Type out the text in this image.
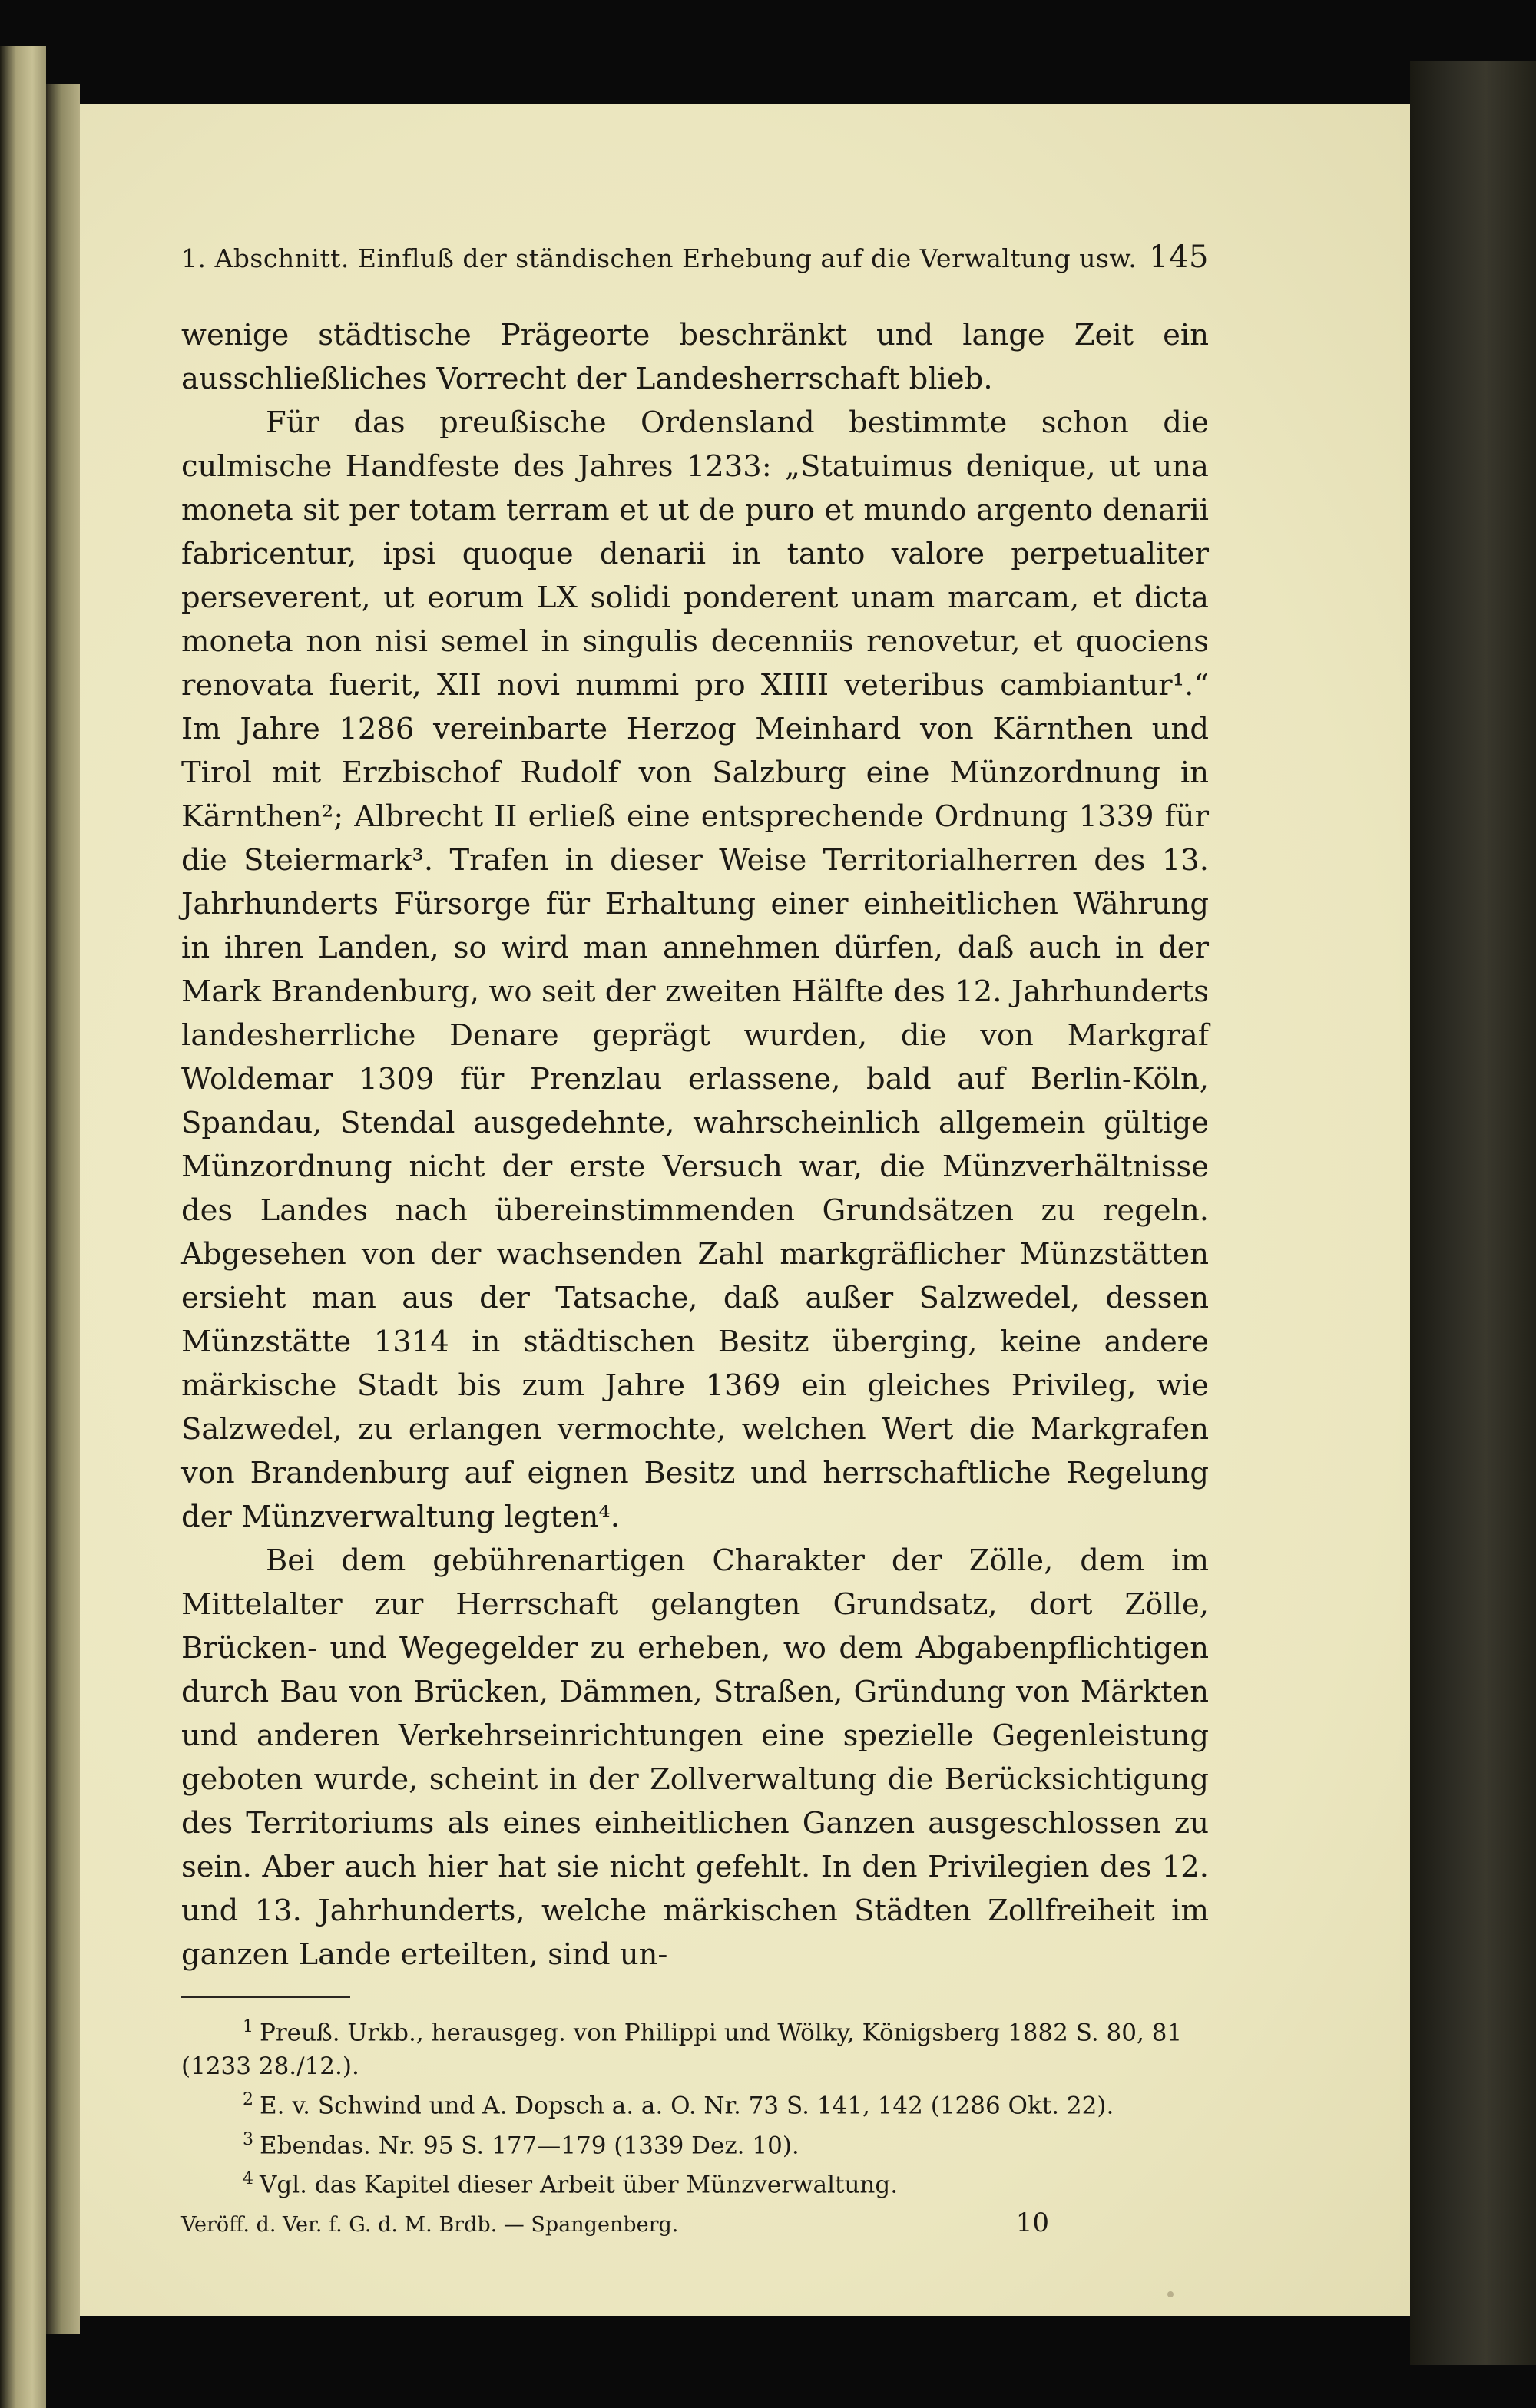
1. Abschnitt. Einfluß der ständischen Erhebung auf die Verwaltung usw. 145

wenige städtische Prägeorte beschränkt und lange Zeit ein ausschließliches Vorrecht der Landesherrschaft blieb.

Für das preußische Ordensland bestimmte schon die culmische Handfeste des Jahres 1233: „Statuimus denique, ut una moneta sit per totam terram et ut de puro et mundo argento denarii fabricentur, ipsi quoque denarii in tanto valore perpetualiter perseverent, ut eorum LX solidi ponderent unam marcam, et dicta moneta non nisi semel in singulis decenniis renovetur, et quociens renovata fuerit, XII novi nummi pro XIIII veteribus cambiantur¹.“ Im Jahre 1286 vereinbarte Herzog Meinhard von Kärnthen und Tirol mit Erzbischof Rudolf von Salzburg eine Münzordnung in Kärnthen²; Albrecht II erließ eine entsprechende Ordnung 1339 für die Steiermark³. Trafen in dieser Weise Territorialherren des 13. Jahrhunderts Fürsorge für Erhaltung einer einheitlichen Währung in ihren Landen, so wird man annehmen dürfen, daß auch in der Mark Brandenburg, wo seit der zweiten Hälfte des 12. Jahrhunderts landesherrliche Denare geprägt wurden, die von Markgraf Woldemar 1309 für Prenzlau erlassene, bald auf Berlin-Köln, Spandau, Stendal ausgedehnte, wahrscheinlich allgemein gültige Münzordnung nicht der erste Versuch war, die Münzverhältnisse des Landes nach übereinstimmenden Grundsätzen zu regeln. Abgesehen von der wachsenden Zahl markgräflicher Münzstätten ersieht man aus der Tatsache, daß außer Salzwedel, dessen Münzstätte 1314 in städtischen Besitz überging, keine andere märkische Stadt bis zum Jahre 1369 ein gleiches Privileg, wie Salzwedel, zu erlangen vermochte, welchen Wert die Markgrafen von Brandenburg auf eignen Besitz und herrschaftliche Regelung der Münzverwaltung legten⁴.

Bei dem gebührenartigen Charakter der Zölle, dem im Mittelalter zur Herrschaft gelangten Grundsatz, dort Zölle, Brücken- und Wegegelder zu erheben, wo dem Abgabenpflichtigen durch Bau von Brücken, Dämmen, Straßen, Gründung von Märkten und anderen Verkehrseinrichtungen eine spezielle Gegenleistung geboten wurde, scheint in der Zollverwaltung die Berücksichtigung des Territoriums als eines einheitlichen Ganzen ausgeschlossen zu sein. Aber auch hier hat sie nicht gefehlt. In den Privilegien des 12. und 13. Jahrhunderts, welche märkischen Städten Zollfreiheit im ganzen Lande erteilten, sind un-

$^1$ Preuß. Urkb., herausgeg. von Philippi und Wölky, Königsberg 1882 S. 80, 81 (1233 28./12.).

$^2$ E. v. Schwind und A. Dopsch a. a. O. Nr. 73 S. 141, 142 (1286 Okt. 22).

$^3$ Ebendas. Nr. 95 S. 177—179 (1339 Dez. 10).

$^4$ Vgl. das Kapitel dieser Arbeit über Münzverwaltung.

Veröff. d. Ver. f. G. d. M. Brdb. — Spangenberg.	10
